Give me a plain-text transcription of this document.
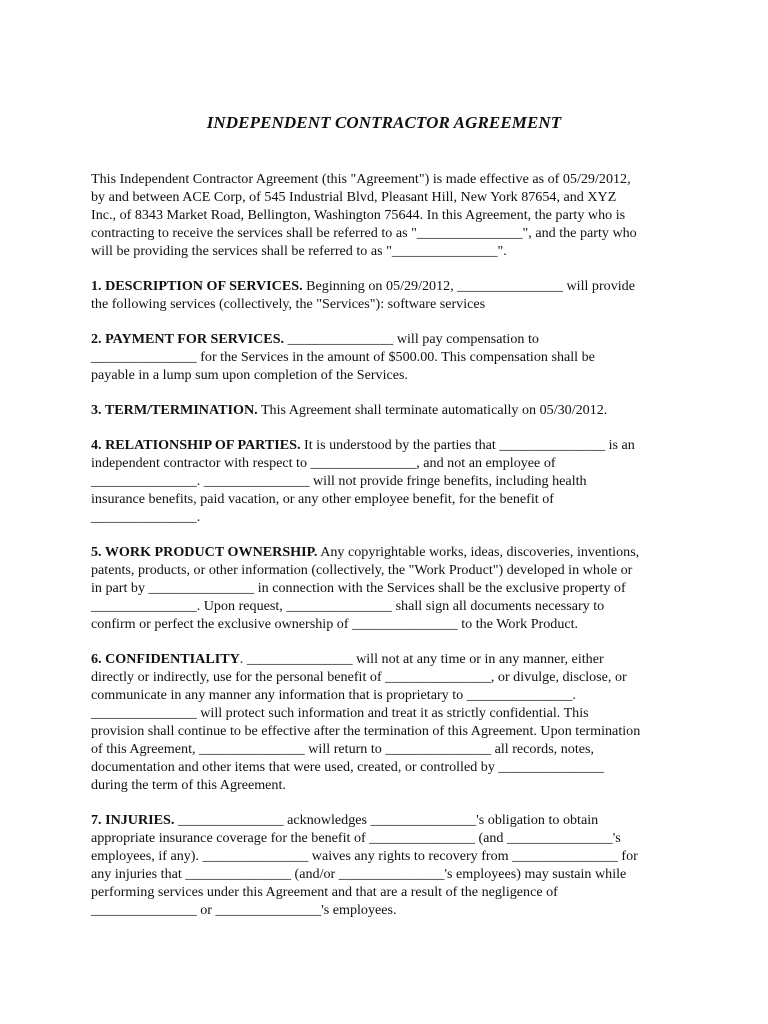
INDEPENDENT CONTRACTOR AGREEMENT
This Independent Contractor Agreement (this "Agreement") is made effective as of 05/29/2012,
by and between ACE Corp, of 545 Industrial Blvd, Pleasant Hill, New York 87654, and XYZ
Inc., of 8343 Market Road, Bellington, Washington 75644. In this Agreement, the party who is
contracting to receive the services shall be referred to as "_______________", and the party who
will be providing the services shall be referred to as "_______________".
1. DESCRIPTION OF SERVICES. Beginning on 05/29/2012, _______________ will provide
the following services (collectively, the "Services"): software services
2. PAYMENT FOR SERVICES. _______________ will pay compensation to
_______________ for the Services in the amount of $500.00. This compensation shall be
payable in a lump sum upon completion of the Services.
3. TERM/TERMINATION. This Agreement shall terminate automatically on 05/30/2012.
4. RELATIONSHIP OF PARTIES. It is understood by the parties that _______________ is an
independent contractor with respect to _______________, and not an employee of
_______________. _______________ will not provide fringe benefits, including health
insurance benefits, paid vacation, or any other employee benefit, for the benefit of
_______________.
5. WORK PRODUCT OWNERSHIP. Any copyrightable works, ideas, discoveries, inventions,
patents, products, or other information (collectively, the "Work Product") developed in whole or
in part by _______________ in connection with the Services shall be the exclusive property of
_______________. Upon request, _______________ shall sign all documents necessary to
confirm or perfect the exclusive ownership of _______________ to the Work Product.
6. CONFIDENTIALITY. _______________ will not at any time or in any manner, either
directly or indirectly, use for the personal benefit of _______________, or divulge, disclose, or
communicate in any manner any information that is proprietary to _______________.
_______________ will protect such information and treat it as strictly confidential. This
provision shall continue to be effective after the termination of this Agreement. Upon termination
of this Agreement, _______________ will return to _______________ all records, notes,
documentation and other items that were used, created, or controlled by _______________
during the term of this Agreement.
7. INJURIES. _______________ acknowledges _______________'s obligation to obtain
appropriate insurance coverage for the benefit of _______________ (and _______________'s
employees, if any). _______________ waives any rights to recovery from _______________ for
any injuries that _______________ (and/or _______________'s employees) may sustain while
performing services under this Agreement and that are a result of the negligence of
_______________ or _______________'s employees.
